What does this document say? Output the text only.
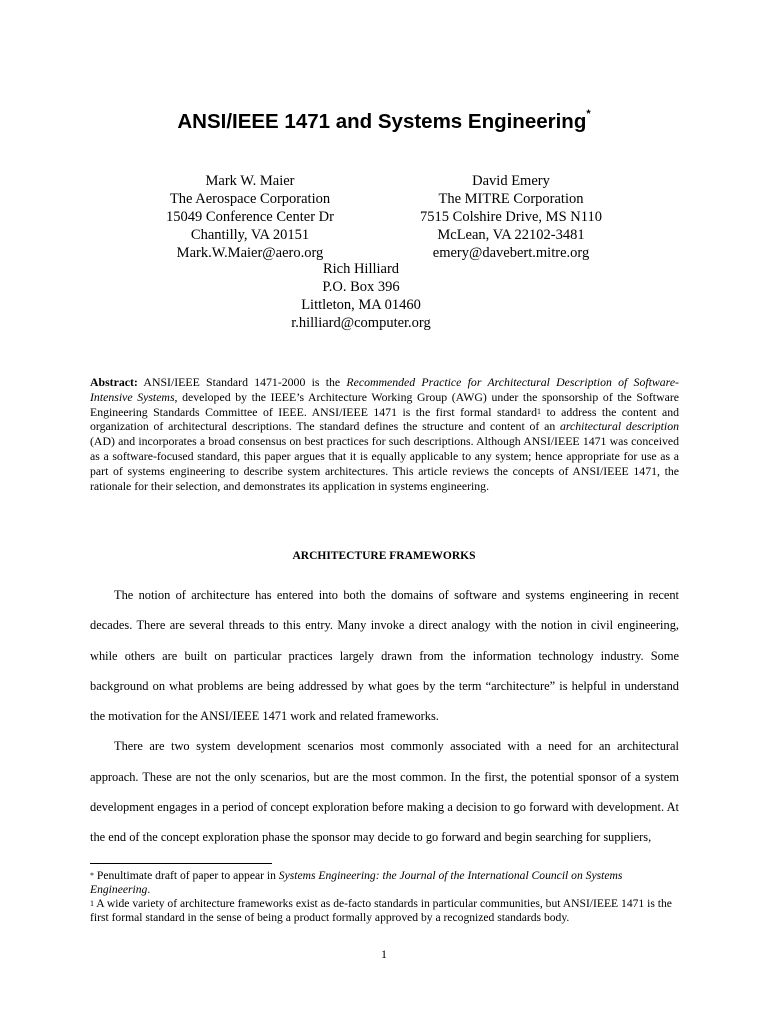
ANSI/IEEE 1471 and Systems Engineering*
Mark W. Maier
The Aerospace Corporation
15049 Conference Center Dr
Chantilly, VA 20151
Mark.W.Maier@aero.org
David Emery
The MITRE Corporation
7515 Colshire Drive, MS N110
McLean, VA 22102-3481
emery@davebert.mitre.org
Rich Hilliard
P.O. Box 396
Littleton, MA 01460
r.hilliard@computer.org
Abstract: ANSI/IEEE Standard 1471-2000 is the Recommended Practice for Architectural Description of Software-Intensive Systems, developed by the IEEE’s Architecture Working Group (AWG) under the sponsorship of the Software Engineering Standards Committee of IEEE. ANSI/IEEE 1471 is the first formal standard$^1$ to address the content and organization of architectural descriptions. The standard defines the structure and content of an architectural description (AD) and incorporates a broad consensus on best practices for such descriptions. Although ANSI/IEEE 1471 was conceived as a software-focused standard, this paper argues that it is equally applicable to any system; hence appropriate for use as a part of systems engineering to describe system architectures. This article reviews the concepts of ANSI/IEEE 1471, the rationale for their selection, and demonstrates its application in systems engineering.
ARCHITECTURE FRAMEWORKS

The notion of architecture has entered into both the domains of software and systems engineering in recent decades. There are several threads to this entry. Many invoke a direct analogy with the notion in civil engineering, while others are built on particular practices largely drawn from the information technology industry. Some background on what problems are being addressed by what goes by the term “architecture” is helpful in understand the motivation for the ANSI/IEEE 1471 work and related frameworks.

There are two system development scenarios most commonly associated with a need for an architectural approach. These are not the only scenarios, but are the most common. In the first, the potential sponsor of a system development engages in a period of concept exploration before making a decision to go forward with development. At the end of the concept exploration phase the sponsor may decide to go forward and begin searching for suppliers,

* Penultimate draft of paper to appear in Systems Engineering: the Journal of the International Council on Systems Engineering.

$^1$ A wide variety of architecture frameworks exist as de-facto standards in particular communities, but ANSI/IEEE 1471 is the first formal standard in the sense of being a product formally approved by a recognized standards body.

1
